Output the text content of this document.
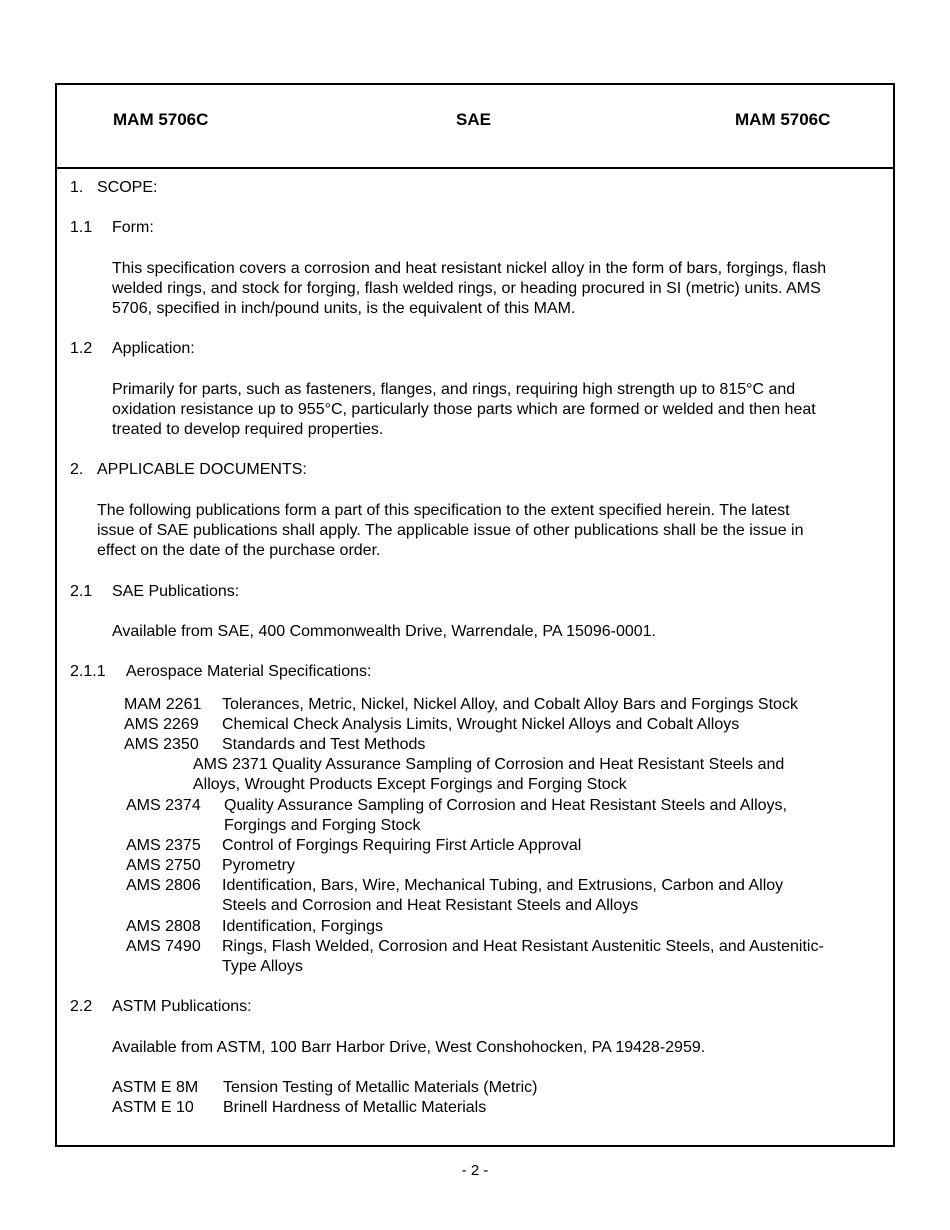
MAM 5706C	SAE	MAM 5706C
1. SCOPE:
1.1 Form:
This specification covers a corrosion and heat resistant nickel alloy in the form of bars, forgings, flash
welded rings, and stock for forging, flash welded rings, or heading procured in SI (metric) units. AMS
5706, specified in inch/pound units, is the equivalent of this MAM.
1.2 Application:
Primarily for parts, such as fasteners, flanges, and rings, requiring high strength up to 815°C and
oxidation resistance up to 955°C, particularly those parts which are formed or welded and then heat
treated to develop required properties.
2. APPLICABLE DOCUMENTS:
The following publications form a part of this specification to the extent specified herein. The latest
issue of SAE publications shall apply. The applicable issue of other publications shall be the issue in
effect on the date of the purchase order.
2.1 SAE Publications:
Available from SAE, 400 Commonwealth Drive, Warrendale, PA 15096-0001.
2.1.1 Aerospace Material Specifications:
MAM 2261 Tolerances, Metric, Nickel, Nickel Alloy, and Cobalt Alloy Bars and Forgings Stock
AMS 2269 Chemical Check Analysis Limits, Wrought Nickel Alloys and Cobalt Alloys
AMS 2350 Standards and Test Methods
AMS 2371 Quality Assurance Sampling of Corrosion and Heat Resistant Steels and
Alloys, Wrought Products Except Forgings and Forging Stock
AMS 2374 Quality Assurance Sampling of Corrosion and Heat Resistant Steels and Alloys,
Forgings and Forging Stock
AMS 2375 Control of Forgings Requiring First Article Approval
AMS 2750 Pyrometry
AMS 2806 Identification, Bars, Wire, Mechanical Tubing, and Extrusions, Carbon and Alloy
Steels and Corrosion and Heat Resistant Steels and Alloys
AMS 2808 Identification, Forgings
AMS 7490 Rings, Flash Welded, Corrosion and Heat Resistant Austenitic Steels, and Austenitic-
Type Alloys
2.2 ASTM Publications:
Available from ASTM, 100 Barr Harbor Drive, West Conshohocken, PA 19428-2959.
ASTM E 8M Tension Testing of Metallic Materials (Metric)
ASTM E 10 Brinell Hardness of Metallic Materials
- 2 -
